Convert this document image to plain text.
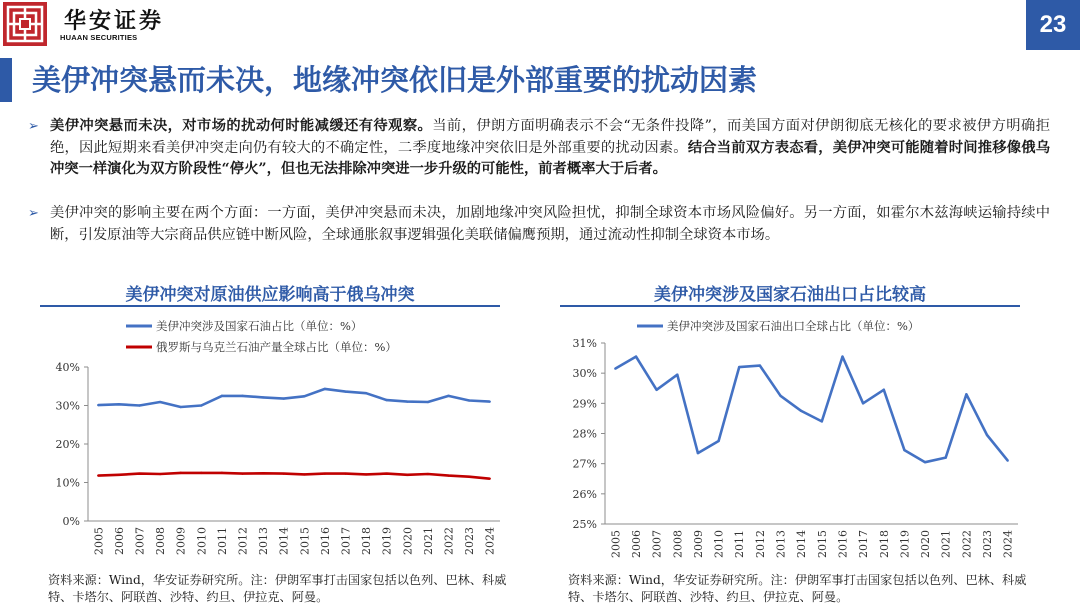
华安证券
HUAAN SECURITIES	23
美伊冲突悬而未决，地缘冲突依旧是外部重要的扰动因素
➢ 美伊冲突悬而未决，对市场的扰动何时能减缓还有待观察。当前，伊朗方面明确表示不会“无条件投降”，而美国方面对伊朗彻底无核化的要求被伊方明确拒绝，因此短期来看美伊冲突走向仍有较大的不确定性，二季度地缘冲突依旧是外部重要的扰动因素。结合当前双方表态看，美伊冲突可能随着时间推移像俄乌冲突一样演化为双方阶段性“停火”，但也无法排除冲突进一步升级的可能性，前者概率大于后者。
➢ 美伊冲突的影响主要在两个方面：一方面，美伊冲突悬而未决，加剧地缘冲突风险担忧，抑制全球资本市场风险偏好。另一方面，如霍尔木兹海峡运输持续中断，引发原油等大宗商品供应链中断风险，全球通胀叙事逻辑强化美联储偏鹰预期，通过流动性抑制全球资本市场。
美伊冲突对原油供应影响高于俄乌冲突	美伊冲突涉及国家石油出口占比较高
0%
10%
20%
30%
40%
2005 2006 2007 2008 2009 2010 2011 2012 2013 2014 2015 2016 2017 2018 2019 2020 2021 2022 2023 2024
美伊冲突涉及国家石油占比（单位：%）
俄罗斯与乌克兰石油产量全球占比（单位：%）
25%
26%
27%
28%
29%
30%
31%
2005 2006 2007 2008 2009 2010 2011 2012 2013 2014 2015 2016 2017 2018 2019 2020 2021 2022 2023 2024
美伊冲突涉及国家石油出口全球占比（单位：%）
资料来源：Wind，华安证券研究所。注：伊朗军事打击国家包括以色列、巴林、科威特、卡塔尔、阿联酋、沙特、约旦、伊拉克、阿曼。
资料来源：Wind，华安证券研究所。注：伊朗军事打击国家包括以色列、巴林、科威特、卡塔尔、阿联酋、沙特、约旦、伊拉克、阿曼。
